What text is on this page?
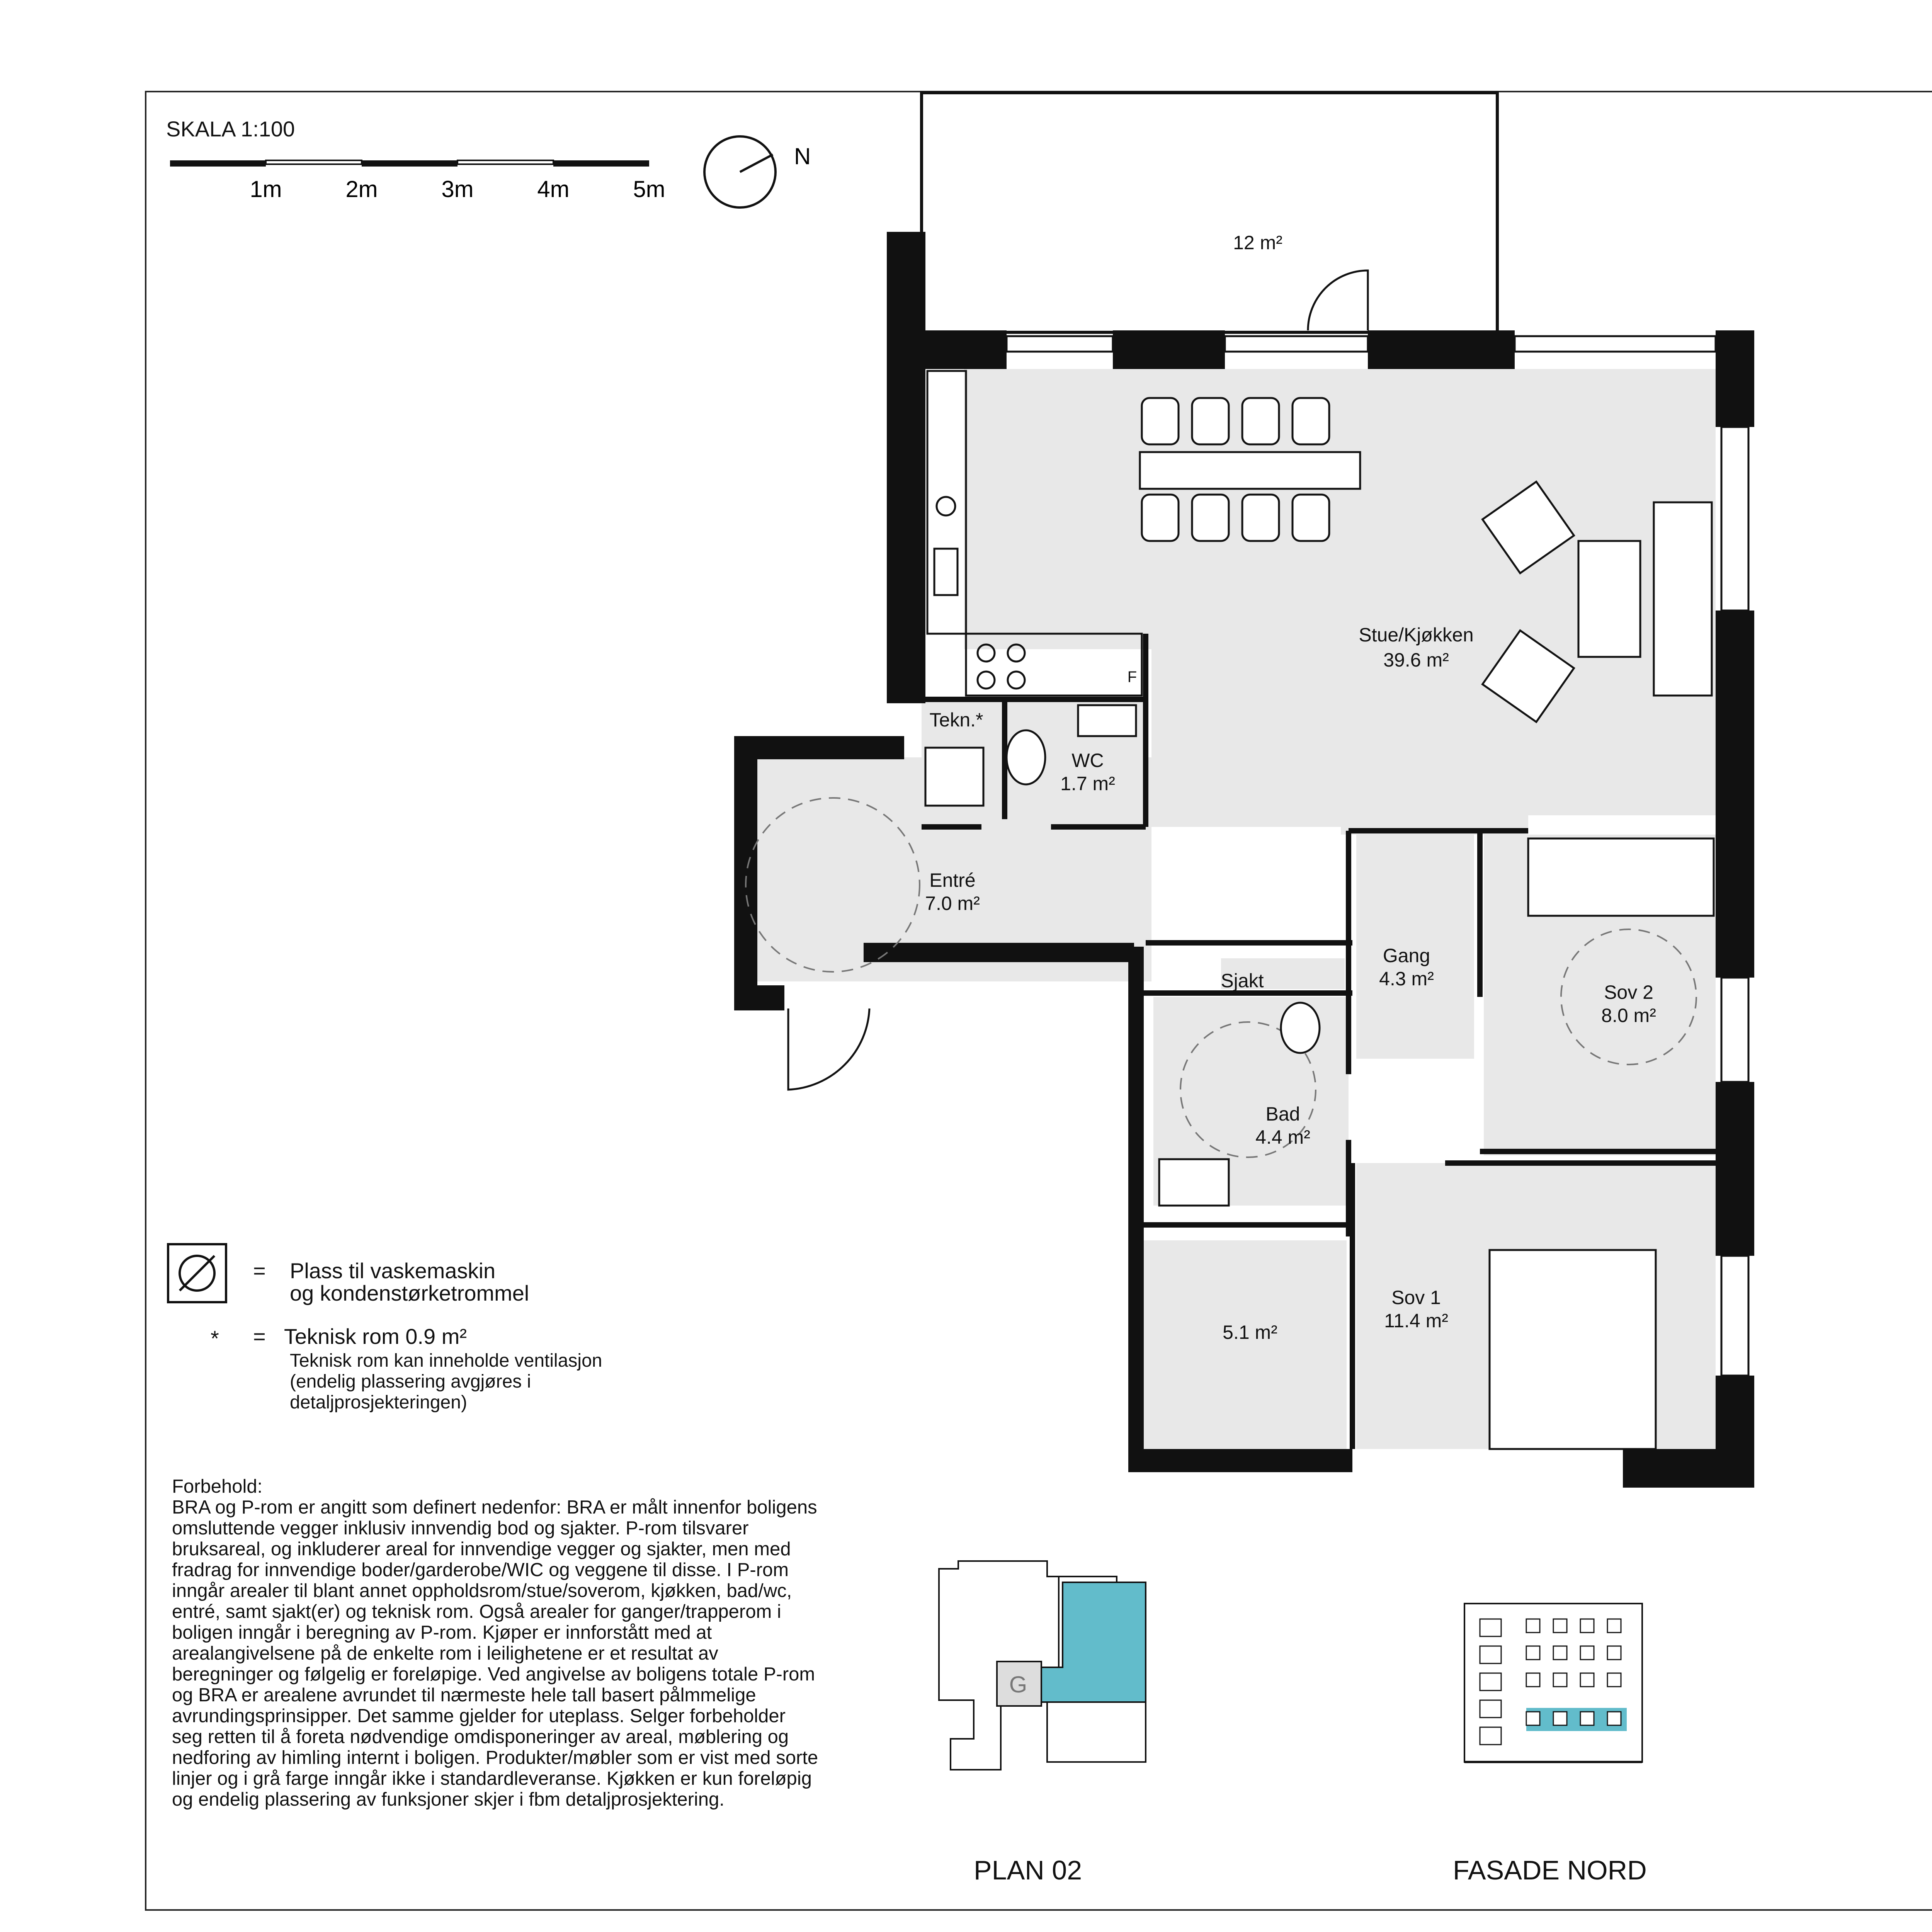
SKALA 1:100
1m	2m	3m	4m	5m
N
Stue/Kjøkken
39.6 m²
Tekn.*
WC
1.7 m²
Entré
7.0 m²
Sjakt
Gang
4.3 m²
Sov 2
8.0 m²
Bad
4.4 m²
Sov 1
11.4 m²
5.1 m²
12 m²
F
= Plass til vaskemaskin
og kondenstørketrommel
* = Teknisk rom 0.9 m²
Teknisk rom kan inneholde ventilasjon
(endelig plassering avgjøres i
detaljprosjekteringen)
Forbehold:
BRA og P-rom er angitt som definert nedenfor: BRA er målt innenfor boligens omsluttende vegger inklusiv innvendig bod og sjakter. P-rom tilsvarer bruksareal, og inkluderer areal for innvendige vegger og sjakter, men med fradrag for innvendige boder/garderobe/WIC og veggene til disse. I P-rom inngår arealer til blant annet oppholdsrom/stue/soverom, kjøkken, bad/wc, entré, samt sjakt(er) og teknisk rom. Også arealer for ganger/trapperom i boligen inngår i beregning av P-rom. Kjøper er innforstått med at arealangivelsene på de enkelte rom i leilighetene er et resultat av beregninger og følgelig er foreløpige. Ved angivelse av boligens totale P-rom og BRA er arealene avrundet til nærmeste hele tall basert pålmmelige avrundingsprinsipper. Det samme gjelder for uteplass. Selger forbeholder seg retten til å foreta nødvendige omdisponeringer av areal, møblering og nedforing av himling internt i boligen. Produkter/møbler som er vist med sorte linjer og i grå farge inngår ikke i standardleveranse. Kjøkken er kun foreløpig og endelig plassering av funksjoner skjer i fbm detaljprosjektering.
G
PLAN 02	FASADE NORD
